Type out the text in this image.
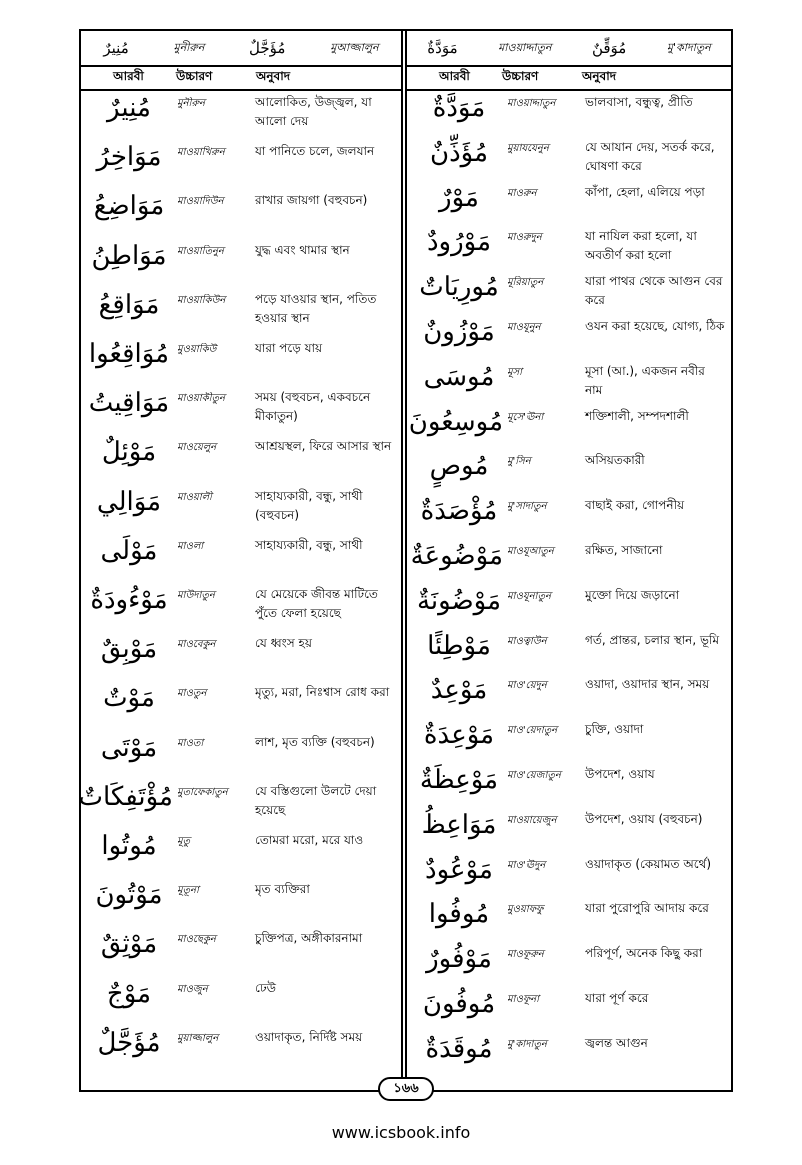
مُنِيرٌ	মুনীরুন	مُؤَجَّلٌ	মুআজ্জালুন
আরবী	উচ্চারণ	অনুবাদ
مُنِيرٌ	মুনীরুন	আলোকিত, উজ্জ্বল, যা আলো দেয়
مَوَاخِرُ	মাওয়াখিরুন	যা পানিতে চলে, জলযান
مَوَاضِعُ	মাওয়াদিউন	রাখার জায়গা (বহুবচন)
مَوَاطِنُ	মাওয়াতিনুন	যুদ্ধ এবং থামার স্থান
مَوَاقِعُ	মাওয়াকিউন	পড়ে যাওয়ার স্থান, পতিত হওয়ার স্থান
مُوَاقِعُوا মুওয়াকিউ	যারা পড়ে যায়
مَوَاقِيتُ মাওয়াকীতুন	সময় (বহুবচন, একবচনে মীকাতুন)
مَوْئِلٌ	মাওয়েলুন	আশ্রয়স্থল, ফিরে আসার স্থান
مَوَالِي	মাওয়ালী	সাহায্যকারী, বন্ধু, সাথী (বহুবচন)
مَوْلَى	মাওলা	সাহায্যকারী, বন্ধু, সাথী
مَوْءُودَةٌ মাউদাতুন	যে মেয়েকে জীবন্ত মাটিতে পুঁতে ফেলা হয়েছে
مَوْبِقٌ	মাওবেকুন	যে ধ্বংস হয়
مَوْتٌ	মাওতুন	মৃত্যু, মরা, নিঃশ্বাস রোধ করা
مَوْتَى	মাওতা	লাশ, মৃত ব্যক্তি (বহুবচন)
مُؤْتَفِكَاتٌ মুতাফেকাতুন	যে বস্তিগুলো উলটে দেয়া হয়েছে
مُوتُوا	মূতু	তোমরা মরো, মরে যাও
مَوْتُونَ	মূতূনা	মৃত ব্যক্তিরা
مَوْثِقٌ	মাওছেকুন	চুক্তিপত্র, অঙ্গীকারনামা
مَوْجٌ	মাওজুন	ঢেউ
مُؤَجَّلٌ	মুয়াজ্জালুন	ওয়াদাকৃত, নির্দিষ্ট সময়
مَوَدَّةٌ	মাওয়াদ্দাতুন	مُوَقِّنٌ	মু'কাদাতুন
আরবী	উচ্চারণ	অনুবাদ
مَوَدَّةٌ	মাওয়াদ্দাতুন	ভালবাসা, বন্ধুত্ব, প্রীতি
مُؤَذِّنٌ	মুয়াযযেনুন	যে আযান দেয়, সতর্ক করে, ঘোষণা করে
مَوْرٌ	মাওরুন	কাঁপা, হেলা, এলিয়ে পড়া
مَوْرُودٌ	মাওরুদুন	যা নাযিল করা হলো, যা অবতীর্ণ করা হলো
مُورِيَاتٌ মূরিয়াতুন	যারা পাথর থেকে আগুন বের করে
مَوْزُونٌ	মাওযূনুন	ওযন করা হয়েছে, যোগ্য, ঠিক
مُوسَى	মূসা	মূসা (আ.), একজন নবীর নাম
مُوسِعُونَ মূসে'ঊনা	শক্তিশালী, সম্পদশালী
مُوصٍ	মু'সিন	অসিয়তকারী
مُؤْصَدَةٌ মু'সাদাতুন	বাছাই করা, গোপনীয়
مَوْضُوعَةٌ মাওযূআতুন	রক্ষিত, সাজানো
مَوْضُونَةٌ মাওযূনাতুন	মুক্তো দিয়ে জড়ানো
مَوْطِئًا	মাওত্বাউন	গর্ত, প্রান্তর, চলার স্থান, ভূমি
مَوْعِدٌ	মাও'য়েদুন	ওয়াদা, ওয়াদার স্থান, সময়
مَوْعِدَةٌ	মাও'য়েদাতুন	চুক্তি, ওয়াদা
مَوْعِظَةٌ মাও'য়েজাতুন	উপদেশ, ওয়ায
مَوَاعِظُ	মাওয়ায়েজুন	উপদেশ, ওয়ায (বহুবচন)
مَوْعُودٌ	মাও'ঊদুন	ওয়াদাকৃত (কেয়ামত অর্থে)
مُوفُوا	মুওয়াফফু	যারা পুরোপুরি আদায় করে
مَوْفُورٌ	মাওফূরুন	পরিপূর্ণ, অনেক কিছু করা
مُوفُونَ	মাওফূনা	যারা পূর্ণ করে
مُوقَدَةٌ	মু'কাদাতুন	জ্বলন্ত আগুন
১৬৬
www.icsbook.info
